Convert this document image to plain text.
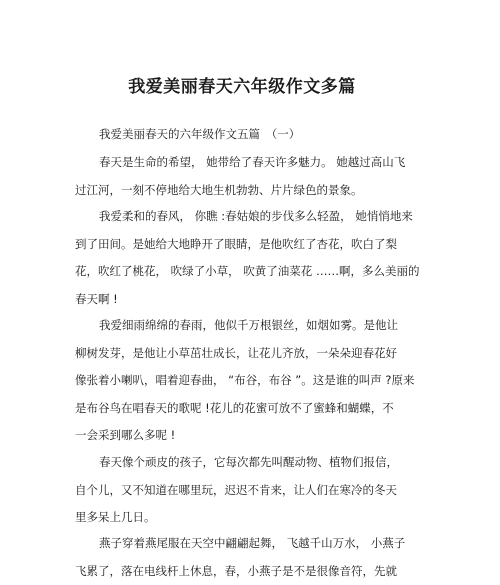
我爱美丽春天六年级作文多篇

我爱美丽春天的六年级作文五篇　（一）

春天是生命的希望， 她带给了春天许多魅力。 她越过高山飞
过江河，一刻不停地给大地生机勃勃、片片绿色的景象。

我爱柔和的春风， 你瞧 :春姑娘的步伐多么轻盈， 她悄悄地来
到了田间。是她给大地睁开了眼睛，是他吹红了杏花，吹白了梨
花，吹红了桃花， 吹绿了小草， 吹黄了油菜花 ……啊，多么美丽的
春天啊 !

我爱细雨绵绵的春雨，他似千万根银丝，如烟如雾。是他让
柳树发芽，是他让小草茁壮成长，让花儿齐放，一朵朵迎春花好
像张着小喇叭，唱着迎春曲， “布谷，布谷 ”。这是谁的叫声 ?原来
是布谷鸟在唱春天的歌呢 !花儿的花蜜可放不了蜜蜂和蝴蝶，不
一会采到哪么多呢 !

春天像个顽皮的孩子，它每次都先叫醒动物、植物们报信，
自个儿，又不知道在哪里玩，迟迟不肯来，让人们在寒冷的冬天
里多呆上几日。

燕子穿着燕尾服在天空中翩翩起舞， 飞越千山万水， 小燕子
飞累了，落在电线杆上休息，春，小燕子是不是很像音符，先就
